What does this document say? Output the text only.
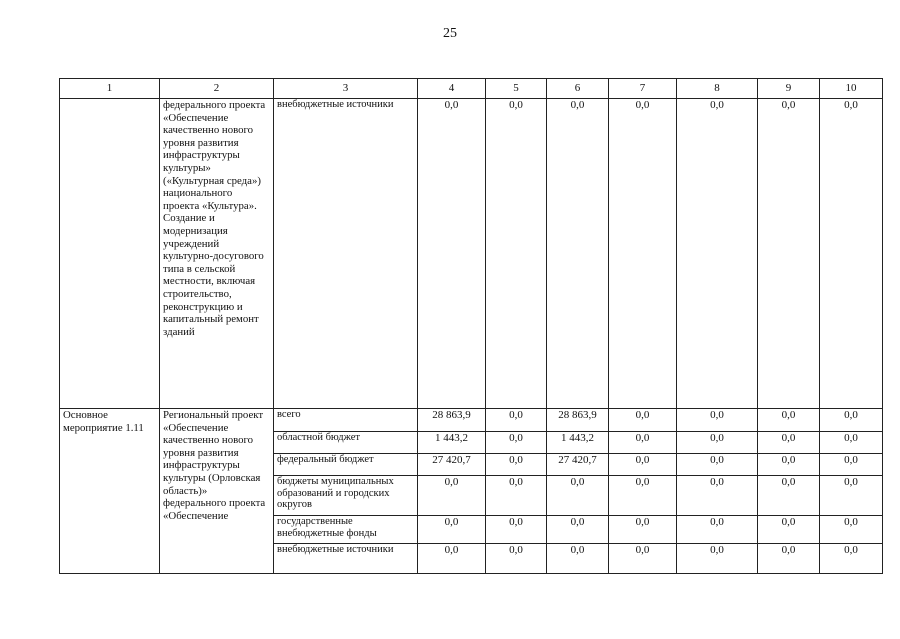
25
1	2	3	4	5	6	7	8	9	10
	федерального проекта «Обеспечение качественно нового уровня развития инфраструктуры культуры» («Культурная среда») национального проекта «Культура». Создание и модернизация учреждений культурно-досугового типа в сельской местности, включая строительство, реконструкцию и капитальный ремонт зданий	внебюджетные источники	0,0	0,0	0,0	0,0	0,0	0,0	0,0
Основное мероприятие 1.11	Региональный проект «Обеспечение качественно нового уровня развития инфраструктуры культуры (Орловская область)» федерального проекта «Обеспечение	всего	28 863,9	0,0	28 863,9	0,0	0,0	0,0	0,0
		областной бюджет	1 443,2	0,0	1 443,2	0,0	0,0	0,0	0,0
		федеральный бюджет	27 420,7	0,0	27 420,7	0,0	0,0	0,0	0,0
		бюджеты муниципальных образований и городских округов	0,0	0,0	0,0	0,0	0,0	0,0	0,0
		государственные внебюджетные фонды	0,0	0,0	0,0	0,0	0,0	0,0	0,0
		внебюджетные источники	0,0	0,0	0,0	0,0	0,0	0,0	0,0
